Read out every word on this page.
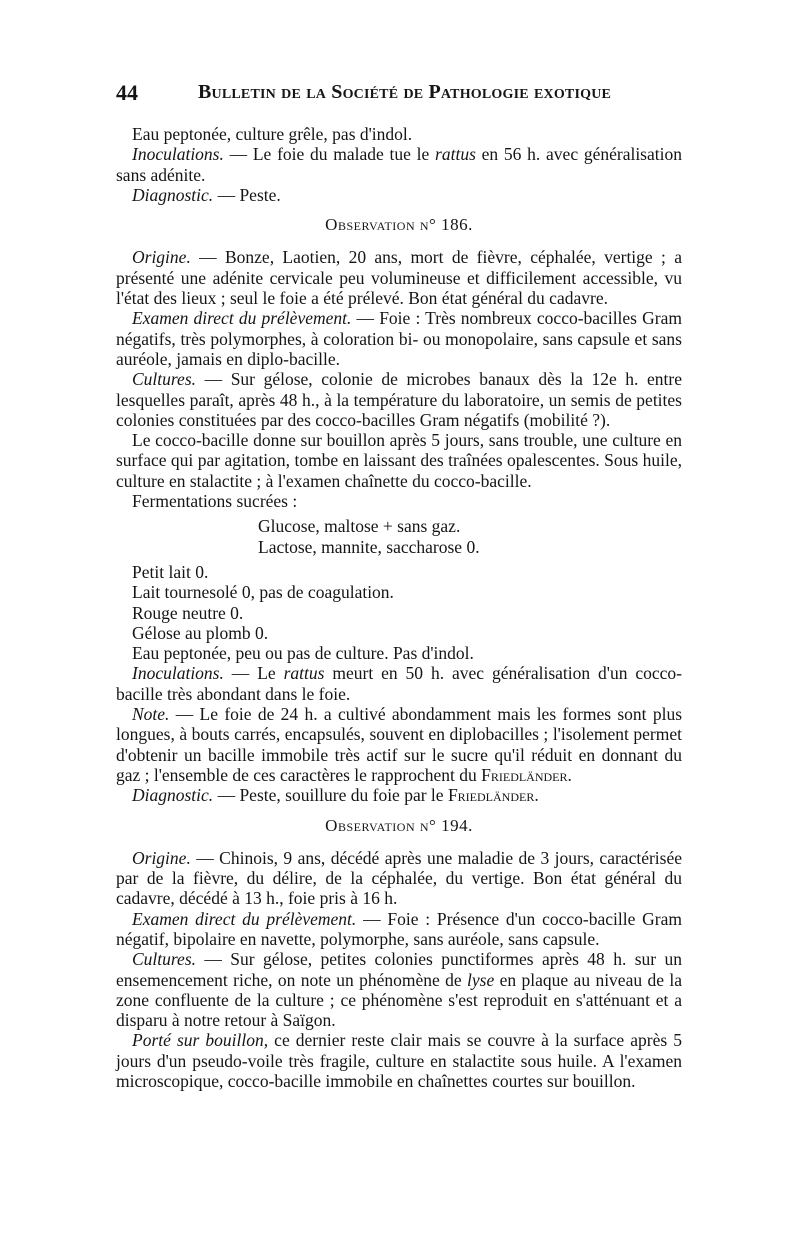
44	Bulletin de la Société de Pathologie exotique

Eau peptonée, culture grêle, pas d'indol.

Inoculations. — Le foie du malade tue le rattus en 56 h. avec généralisation sans adénite.

Diagnostic. — Peste.

Observation n° 186.

Origine. — Bonze, Laotien, 20 ans, mort de fièvre, céphalée, vertige ; a présenté une adénite cervicale peu volumineuse et difficilement accessible, vu l'état des lieux ; seul le foie a été prélevé. Bon état général du cadavre.

Examen direct du prélèvement. — Foie : Très nombreux cocco-bacilles Gram négatifs, très polymorphes, à coloration bi- ou monopolaire, sans capsule et sans auréole, jamais en diplo-bacille.

Cultures. — Sur gélose, colonie de microbes banaux dès la 12e h. entre lesquelles paraît, après 48 h., à la température du laboratoire, un semis de petites colonies constituées par des cocco-bacilles Gram négatifs (mobilité ?).

Le cocco-bacille donne sur bouillon après 5 jours, sans trouble, une culture en surface qui par agitation, tombe en laissant des traînées opalescentes. Sous huile, culture en stalactite ; à l'examen chaînette du cocco-bacille.

Fermentations sucrées :

Glucose, maltose + sans gaz.

Lactose, mannite, saccharose 0.

Petit lait 0.

Lait tournesolé 0, pas de coagulation.

Rouge neutre 0.

Gélose au plomb 0.

Eau peptonée, peu ou pas de culture. Pas d'indol.

Inoculations. — Le rattus meurt en 50 h. avec généralisation d'un cocco-bacille très abondant dans le foie.

Note. — Le foie de 24 h. a cultivé abondamment mais les formes sont plus longues, à bouts carrés, encapsulés, souvent en diplobacilles ; l'isolement permet d'obtenir un bacille immobile très actif sur le sucre qu'il réduit en donnant du gaz ; l'ensemble de ces caractères le rapprochent du Friedländer.

Diagnostic. — Peste, souillure du foie par le Friedländer.

Observation n° 194.

Origine. — Chinois, 9 ans, décédé après une maladie de 3 jours, caractérisée par de la fièvre, du délire, de la céphalée, du vertige. Bon état général du cadavre, décédé à 13 h., foie pris à 16 h.

Examen direct du prélèvement. — Foie : Présence d'un cocco-bacille Gram négatif, bipolaire en navette, polymorphe, sans auréole, sans capsule.

Cultures. — Sur gélose, petites colonies punctiformes après 48 h. sur un ensemencement riche, on note un phénomène de lyse en plaque au niveau de la zone confluente de la culture ; ce phénomène s'est reproduit en s'atténuant et a disparu à notre retour à Saïgon.

Porté sur bouillon, ce dernier reste clair mais se couvre à la surface après 5 jours d'un pseudo-voile très fragile, culture en stalactite sous huile. A l'examen microscopique, cocco-bacille immobile en chaînettes courtes sur bouillon.
